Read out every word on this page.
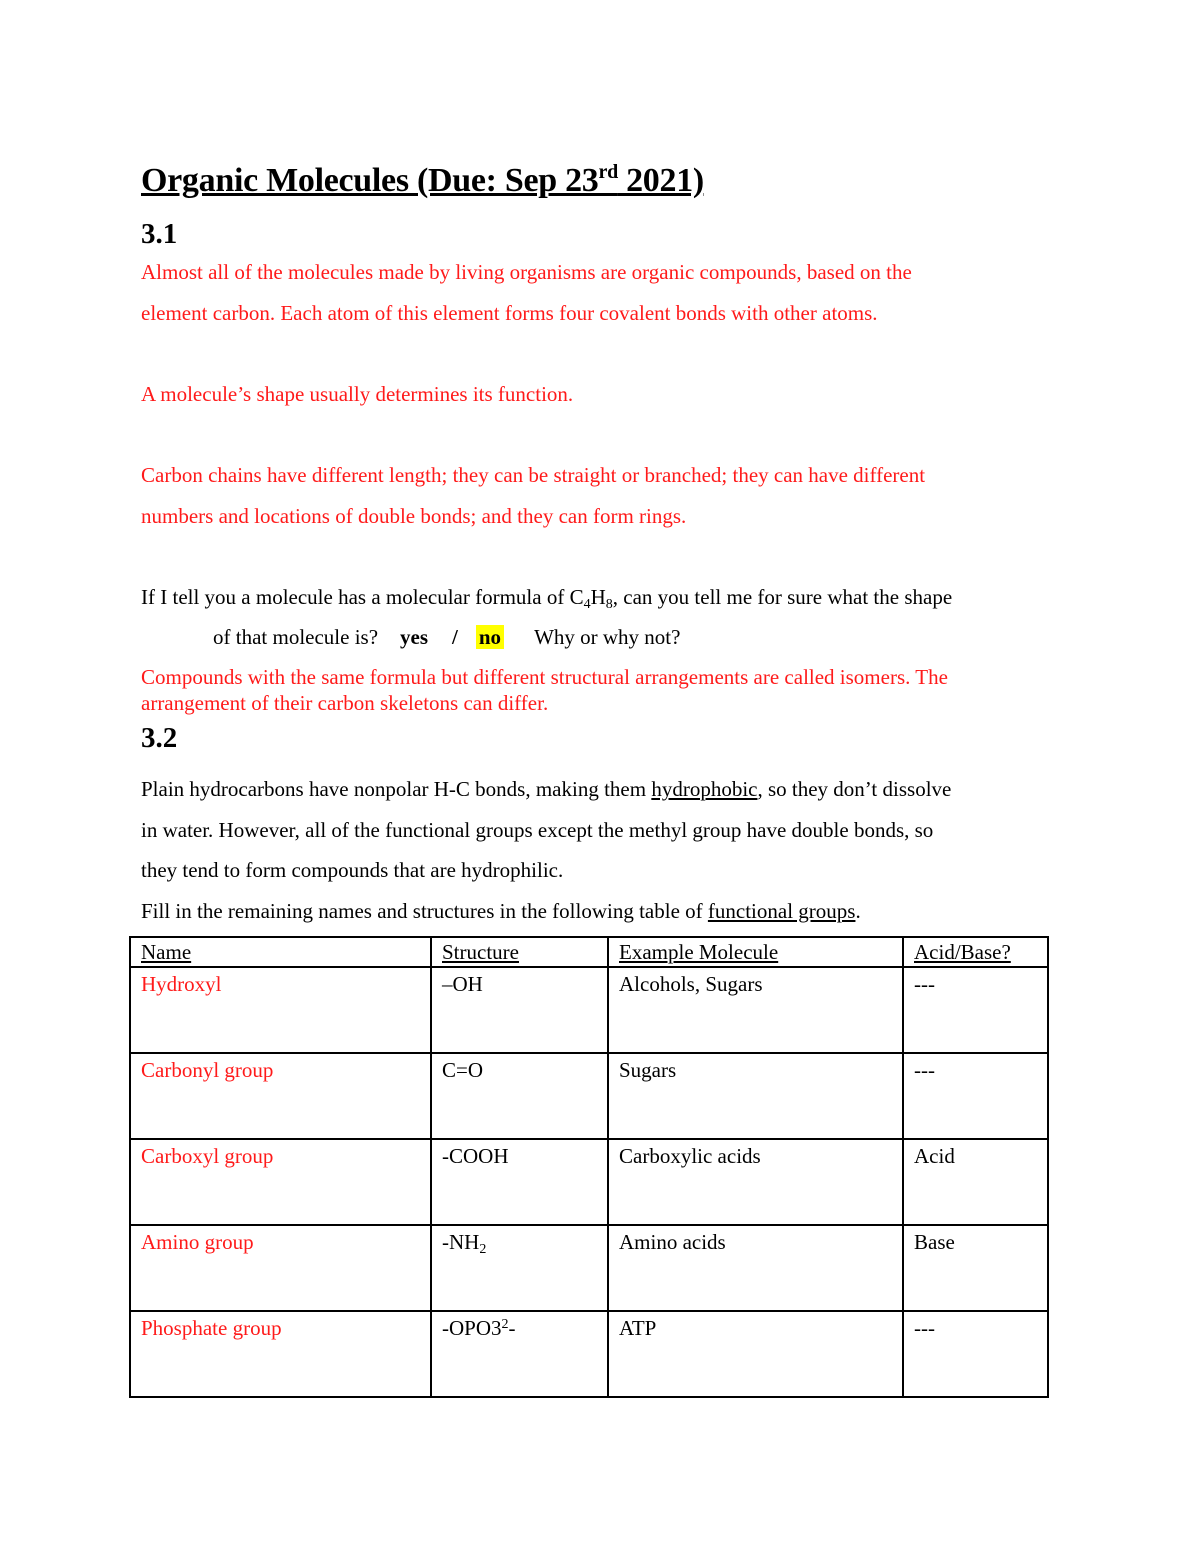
Organic Molecules (Due: Sep 23rd 2021)
3.1
Almost all of the molecules made by living organisms are organic compounds, based on the
element carbon. Each atom of this element forms four covalent bonds with other atoms.
A molecule’s shape usually determines its function.
Carbon chains have different length; they can be straight or branched; they can have different
numbers and locations of double bonds; and they can form rings.
If I tell you a molecule has a molecular formula of $C_4H_8$, can you tell me for sure what the shape
of that molecule is? yes / no Why or why not?
Compounds with the same formula but different structural arrangements are called isomers. The
arrangement of their carbon skeletons can differ.
3.2
Plain hydrocarbons have nonpolar H-C bonds, making them hydrophobic, so they don’t dissolve
in water. However, all of the functional groups except the methyl group have double bonds, so
they tend to form compounds that are hydrophilic.
Fill in the remaining names and structures in the following table of functional groups.
Name	Structure	Example Molecule	Acid/Base?
Hydroxyl	–OH	Alcohols, Sugars	---
Carbonyl group	C=O	Sugars	---
Carboxyl group	-COOH	Carboxylic acids	Acid
Amino group	$-NH_2$	Amino acids	Base
Phosphate group	$-OPO3^2-$	ATP	---
